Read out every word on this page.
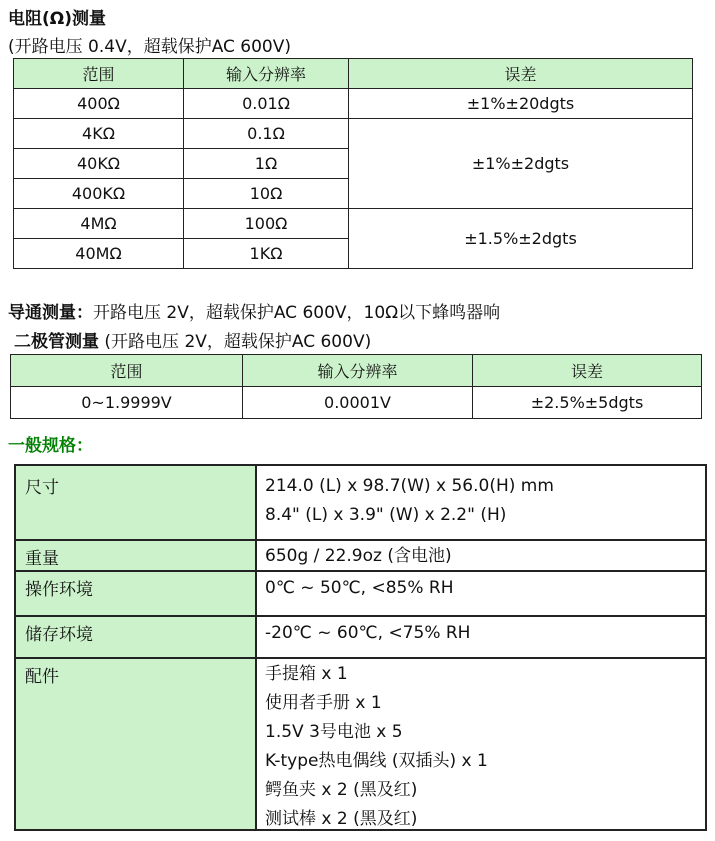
电阻(Ω)测量
(开路电压 0.4V，超载保护AC 600V)
范围	输入分辨率	误差
400Ω	0.01Ω	±1%±20dgts
4KΩ	0.1Ω	±1%±2dgts
40KΩ	1Ω	
400KΩ	10Ω	
4MΩ	100Ω	±1.5%±2dgts
40MΩ	1KΩ	
导通测量：开路电压 2V，超载保护AC 600V，10Ω以下蜂鸣器响
二极管测量 (开路电压 2V，超载保护AC 600V)
范围	输入分辨率	误差
0~1.9999V	0.0001V	±2.5%±5dgts
一般规格：
尺寸	214.0 (L) x 98.7(W) x 56.0(H) mm
8.4" (L) x 3.9" (W) x 2.2" (H)
重量	650g / 22.9oz (含电池)
操作环境	0℃ ~ 50℃, <85% RH
储存环境	-20℃ ~ 60℃, <75% RH
配件	手提箱 x 1
使用者手册 x 1
1.5V 3号电池 x 5
K-type热电偶线 (双插头) x 1
鳄鱼夹 x 2 (黑及红)
测试棒 x 2 (黑及红)
